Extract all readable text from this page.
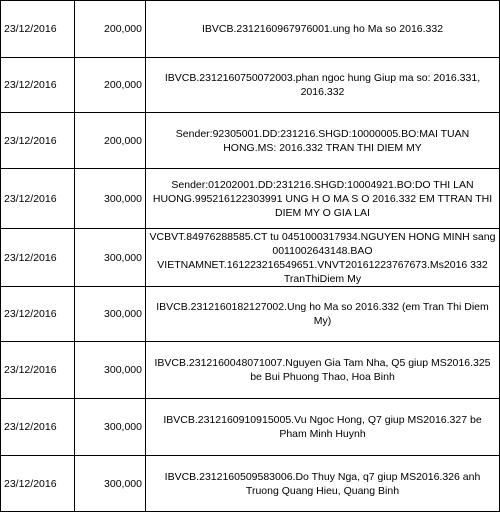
23/12/2016	200,000	IBVCB.2312160967976001.ung ho Ma so 2016.332
23/12/2016	200,000	IBVCB.2312160750072003.phan ngoc hung Giup ma so: 2016.331, 2016.332
23/12/2016	200,000	Sender:92305001.DD:231216.SHGD:10000005.BO:MAI TUAN HONG.MS: 2016.332 TRAN THI DIEM MY
23/12/2016	300,000	Sender:01202001.DD:231216.SHGD:10004921.BO:DO THI LAN HUONG.995216122303991 UNG H O MA S O 2016.332 EM TTRAN THI DIEM MY O GIA LAI
23/12/2016	300,000	VCBVT.84976288585.CT tu 0451000317934.NGUYEN HONG MINH sang 0011002643148.BAO VIETNAMNET.161223216549651.VNVT20161223767673.Ms2016 332 TranThiDiem My
23/12/2016	300,000	IBVCB.2312160182127002.Ung ho Ma so 2016.332 (em Tran Thi Diem My)
23/12/2016	300,000	IBVCB.2312160048071007.Nguyen Gia Tam Nha, Q5 giup MS2016.325 be Bui Phuong Thao, Hoa Binh
23/12/2016	300,000	IBVCB.2312160910915005.Vu Ngoc Hong, Q7 giup MS2016.327 be Pham Minh Huynh
23/12/2016	300,000	IBVCB.2312160509583006.Do Thuy Nga, q7 giup MS2016.326 anh Truong Quang Hieu, Quang Binh
